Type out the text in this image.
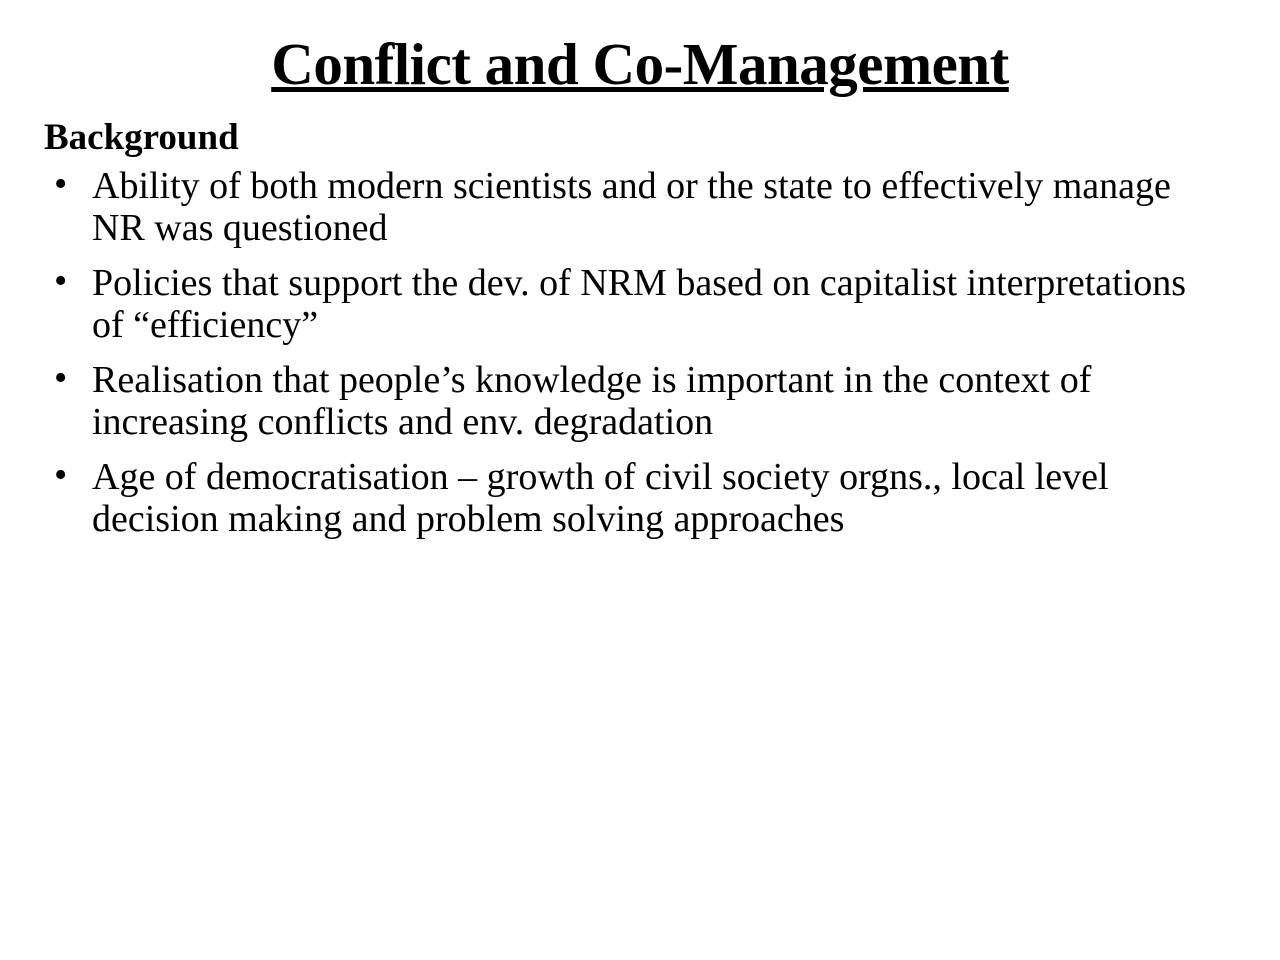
Conflict and Co-Management
Background
• Ability of both modern scientists and or the state to effectively manage NR was questioned
• Policies that support the dev. of NRM based on capitalist interpretations of “efficiency”
• Realisation that people’s knowledge is important in the context of increasing conflicts and env. degradation
• Age of democratisation – growth of civil society orgns., local level decision making and problem solving approaches
